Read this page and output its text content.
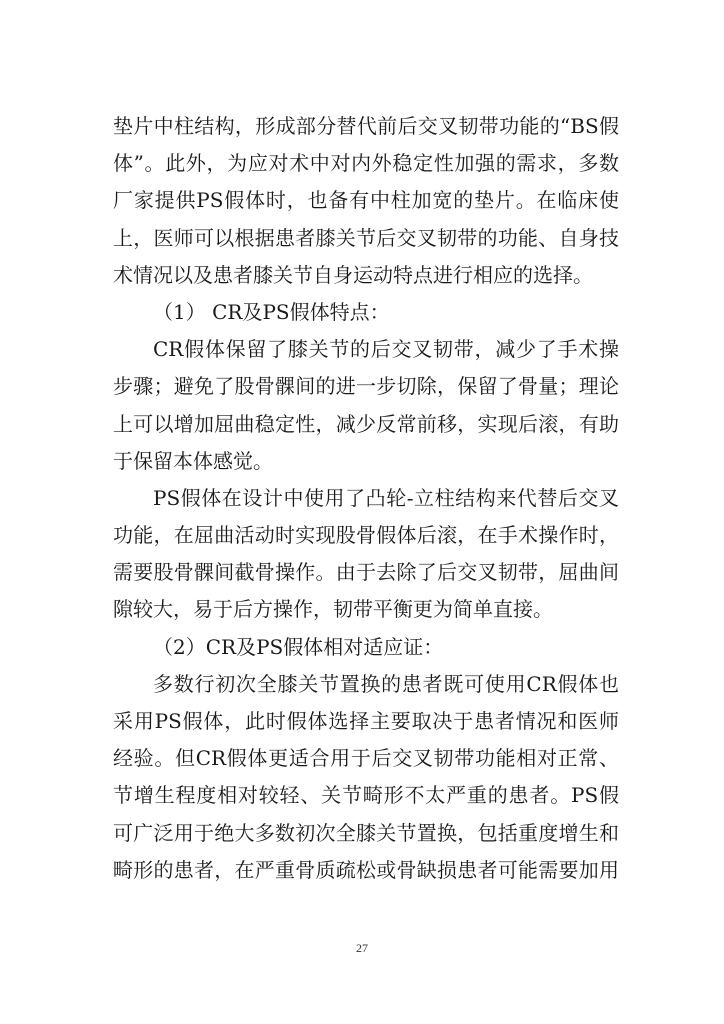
垫片中柱结构，形成部分替代前后交叉韧带功能的“BS假
体”。此外，为应对术中对内外稳定性加强的需求，多数
厂家提供PS假体时，也备有中柱加宽的垫片。在临床使
上，医师可以根据患者膝关节后交叉韧带的功能、自身技
术情况以及患者膝关节自身运动特点进行相应的选择。
（1） CR及PS假体特点：
CR假体保留了膝关节的后交叉韧带，减少了手术操
步骤；避免了股骨髁间的进一步切除，保留了骨量；理论
上可以增加屈曲稳定性，减少反常前移，实现后滚，有助
于保留本体感觉。
PS假体在设计中使用了凸轮-立柱结构来代替后交叉
功能，在屈曲活动时实现股骨假体后滚，在手术操作时，
需要股骨髁间截骨操作。由于去除了后交叉韧带，屈曲间
隙较大，易于后方操作，韧带平衡更为简单直接。
（2）CR及PS假体相对适应证：
多数行初次全膝关节置换的患者既可使用CR假体也
采用PS假体，此时假体选择主要取决于患者情况和医师
经验。但CR假体更适合用于后交叉韧带功能相对正常、
节增生程度相对较轻、关节畸形不太严重的患者。PS假
可广泛用于绝大多数初次全膝关节置换，包括重度增生和
畸形的患者，在严重骨质疏松或骨缺损患者可能需要加用
27
